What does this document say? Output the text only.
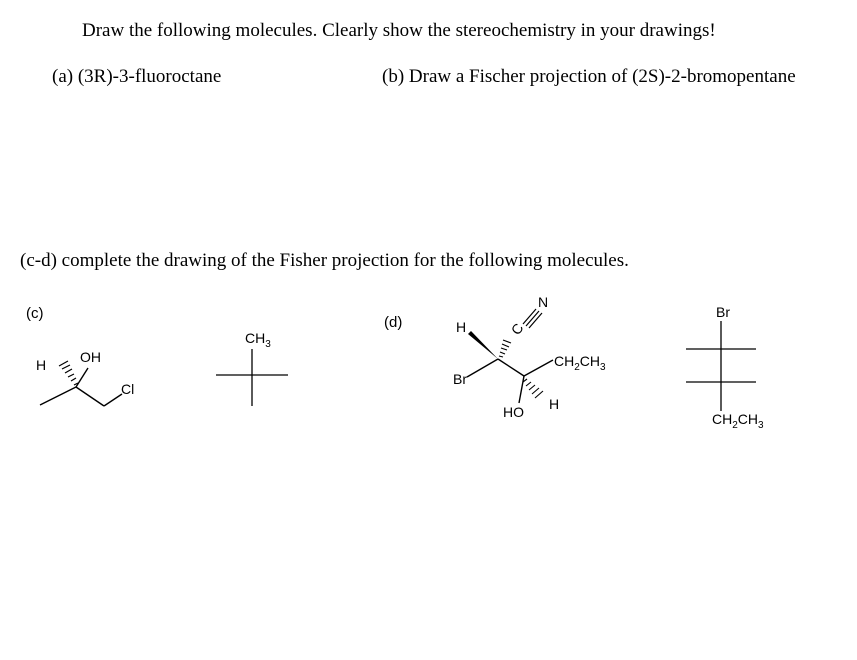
Draw the following molecules. Clearly show the stereochemistry in your drawings!
(a) (3R)-3-fluoroctane	(b) Draw a Fischer projection of (2S)-2-bromopentane
(c-d) complete the drawing of the Fisher projection for the following molecules.
(c)
(d)
H OH
Cl
$CH_3$
H
Br
HO H
$CH_2CH_3$
C
N
Br
$CH_2CH_3$
